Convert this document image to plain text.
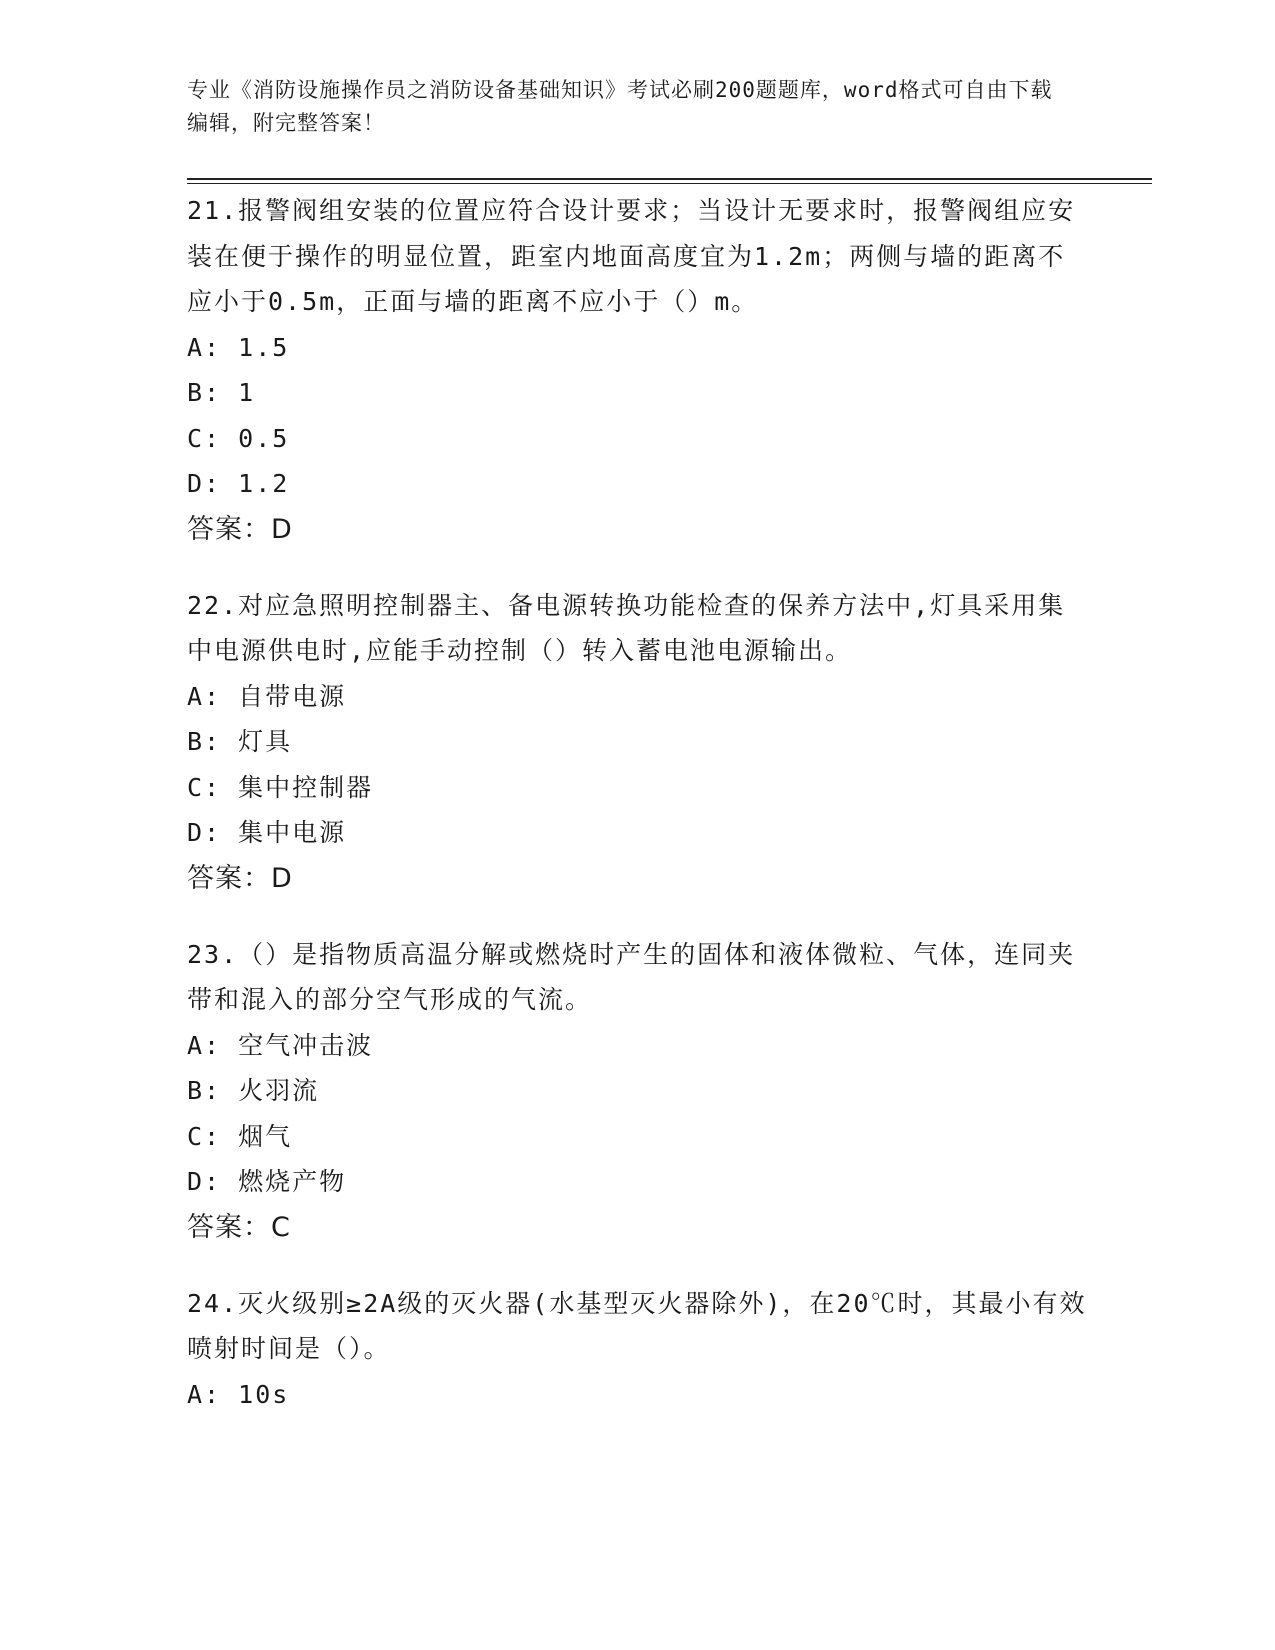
专业《消防设施操作员之消防设备基础知识》考试必刷200题题库，word格式可自由下载编辑，附完整答案！

21.报警阀组安装的位置应符合设计要求；当设计无要求时，报警阀组应安装在便于操作的明显位置，距室内地面高度宜为1.2m；两侧与墙的距离不应小于0.5m，正面与墙的距离不应小于（）m。

A: 1.5
B: 1
C: 0.5
D: 1.2
答案：D

22.对应急照明控制器主、备电源转换功能检查的保养方法中,灯具采用集中电源供电时,应能手动控制（）转入蓄电池电源输出。

A: 自带电源
B: 灯具
C: 集中控制器
D: 集中电源
答案：D

23.（）是指物质高温分解或燃烧时产生的固体和液体微粒、气体，连同夹带和混入的部分空气形成的气流。

A: 空气冲击波
B: 火羽流
C: 烟气
D: 燃烧产物
答案：C

24.灭火级别≥2A级的灭火器(水基型灭火器除外)，在20℃时，其最小有效喷射时间是（）。

A: 10s
